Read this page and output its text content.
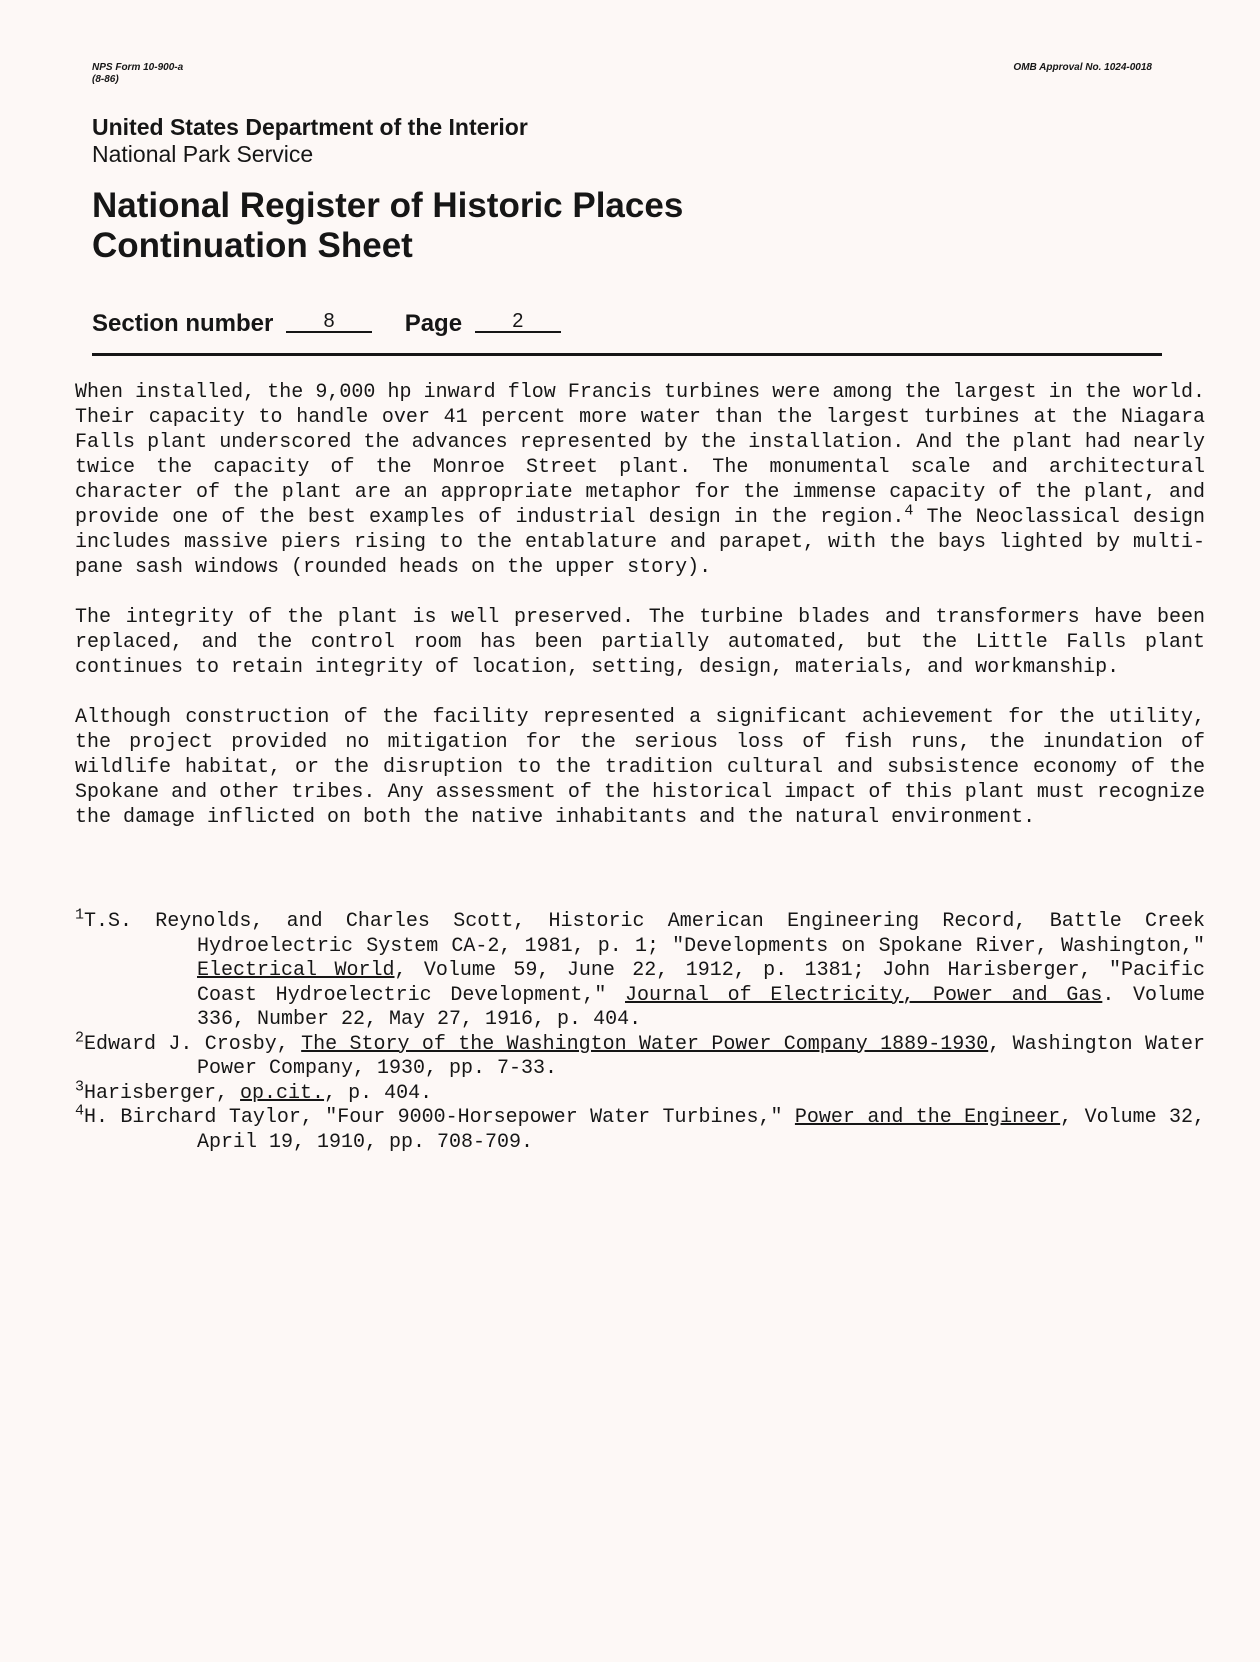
NPS Form 10-900-a
(8-86)
OMB Approval No. 1024-0018
United States Department of the Interior
National Park Service
National Register of Historic Places
Continuation Sheet
Section number	8	Page	2

When installed, the 9,000 hp inward flow Francis turbines were among the largest in the world. Their capacity to handle over 41 percent more water than the largest turbines at the Niagara Falls plant underscored the advances represented by the installation. And the plant had nearly twice the capacity of the Monroe Street plant. The monumental scale and architectural character of the plant are an appropriate metaphor for the immense capacity of the plant, and provide one of the best examples of industrial design in the region.$^4$ The Neoclassical design includes massive piers rising to the entablature and parapet, with the bays lighted by multi-pane sash windows (rounded heads on the upper story).

The integrity of the plant is well preserved. The turbine blades and transformers have been replaced, and the control room has been partially automated, but the Little Falls plant continues to retain integrity of location, setting, design, materials, and workmanship.

Although construction of the facility represented a significant achievement for the utility, the project provided no mitigation for the serious loss of fish runs, the inundation of wildlife habitat, or the disruption to the tradition cultural and subsistence economy of the Spokane and other tribes. Any assessment of the historical impact of this plant must recognize the damage inflicted on both the native inhabitants and the natural environment.

$^1$T.S. Reynolds, and Charles Scott, Historic American Engineering Record, Battle Creek Hydroelectric System CA-2, 1981, p. 1; "Developments on Spokane River, Washington," Electrical World, Volume 59, June 22, 1912, p. 1381; John Harisberger, "Pacific Coast Hydroelectric Development," Journal of Electricity, Power and Gas. Volume 336, Number 22, May 27, 1916, p. 404.
$^2$Edward J. Crosby, The Story of the Washington Water Power Company 1889-1930, Washington Water Power Company, 1930, pp. 7-33.
$^3$Harisberger, op.cit., p. 404.
$^4$H. Birchard Taylor, "Four 9000-Horsepower Water Turbines," Power and the Engineer, Volume 32, April 19, 1910, pp. 708-709.
